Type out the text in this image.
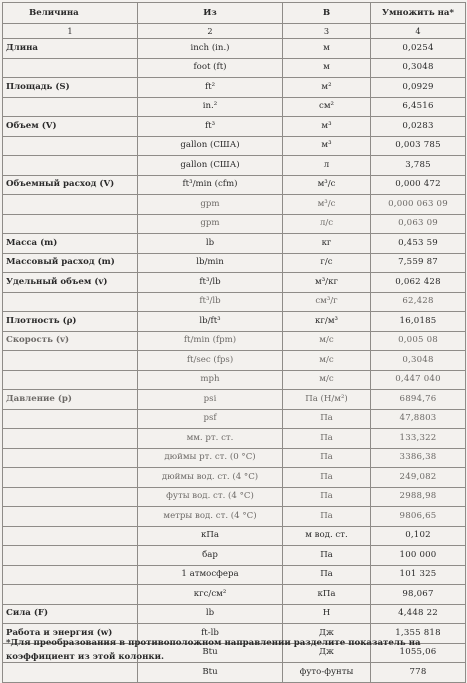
Величина	Из	В	Умножить на*
1	2	3	4
Длина	inch (in.)	м	0,0254
	foot (ft)	м	0,3048
Площадь (S)	ft²	м²	0,0929
	in.²	см²	6,4516
Объем (V)	ft³	м³	0,0283
	gallon (США)	м³	0,003 785
	gallon (США)	л	3,785
Объемный расход (V)	ft³/min (cfm)	м³/с	0,000 472
	gpm	м³/с	0,000 063 09
	gpm	л/с	0,063 09
Масса (m)	lb	кг	0,453 59
Массовый расход (m)	lb/min	г/с	7,559 87
Удельный объем (v)	ft³/lb	м³/кг	0,062 428
	ft³/lb	см³/г	62,428
Плотность (ρ)	lb/ft³	кг/м³	16,0185
Скорость (v)	ft/min (fpm)	м/с	0,005 08
	ft/sec (fps)	м/с	0,3048
	mph	м/с	0,447 040
Давление (p)	psi	Па (Н/м²)	6894,76
	psf	Па	47,8803
	мм. рт. ст.	Па	133,322
	дюймы рт. ст. (0 °C)	Па	3386,38
	дюймы вод. ст. (4 °C)	Па	249,082
	футы вод. ст. (4 °C)	Па	2988,98
	метры вод. ст. (4 °C)	Па	9806,65
	кПа	м вод. ст.	0,102
	бар	Па	100 000
	1 атмосфера	Па	101 325
	кгс/см²	кПа	98,067
Сила (F)	lb	Н	4,448 22
Работа и энергия (w)	ft-lb	Дж	1,355 818
	Btu	Дж	1055,06
	Btu	футо-фунты	778
*Для преобразования в противоположном направлении разделите показатель на коэффициент из этой колонки.
